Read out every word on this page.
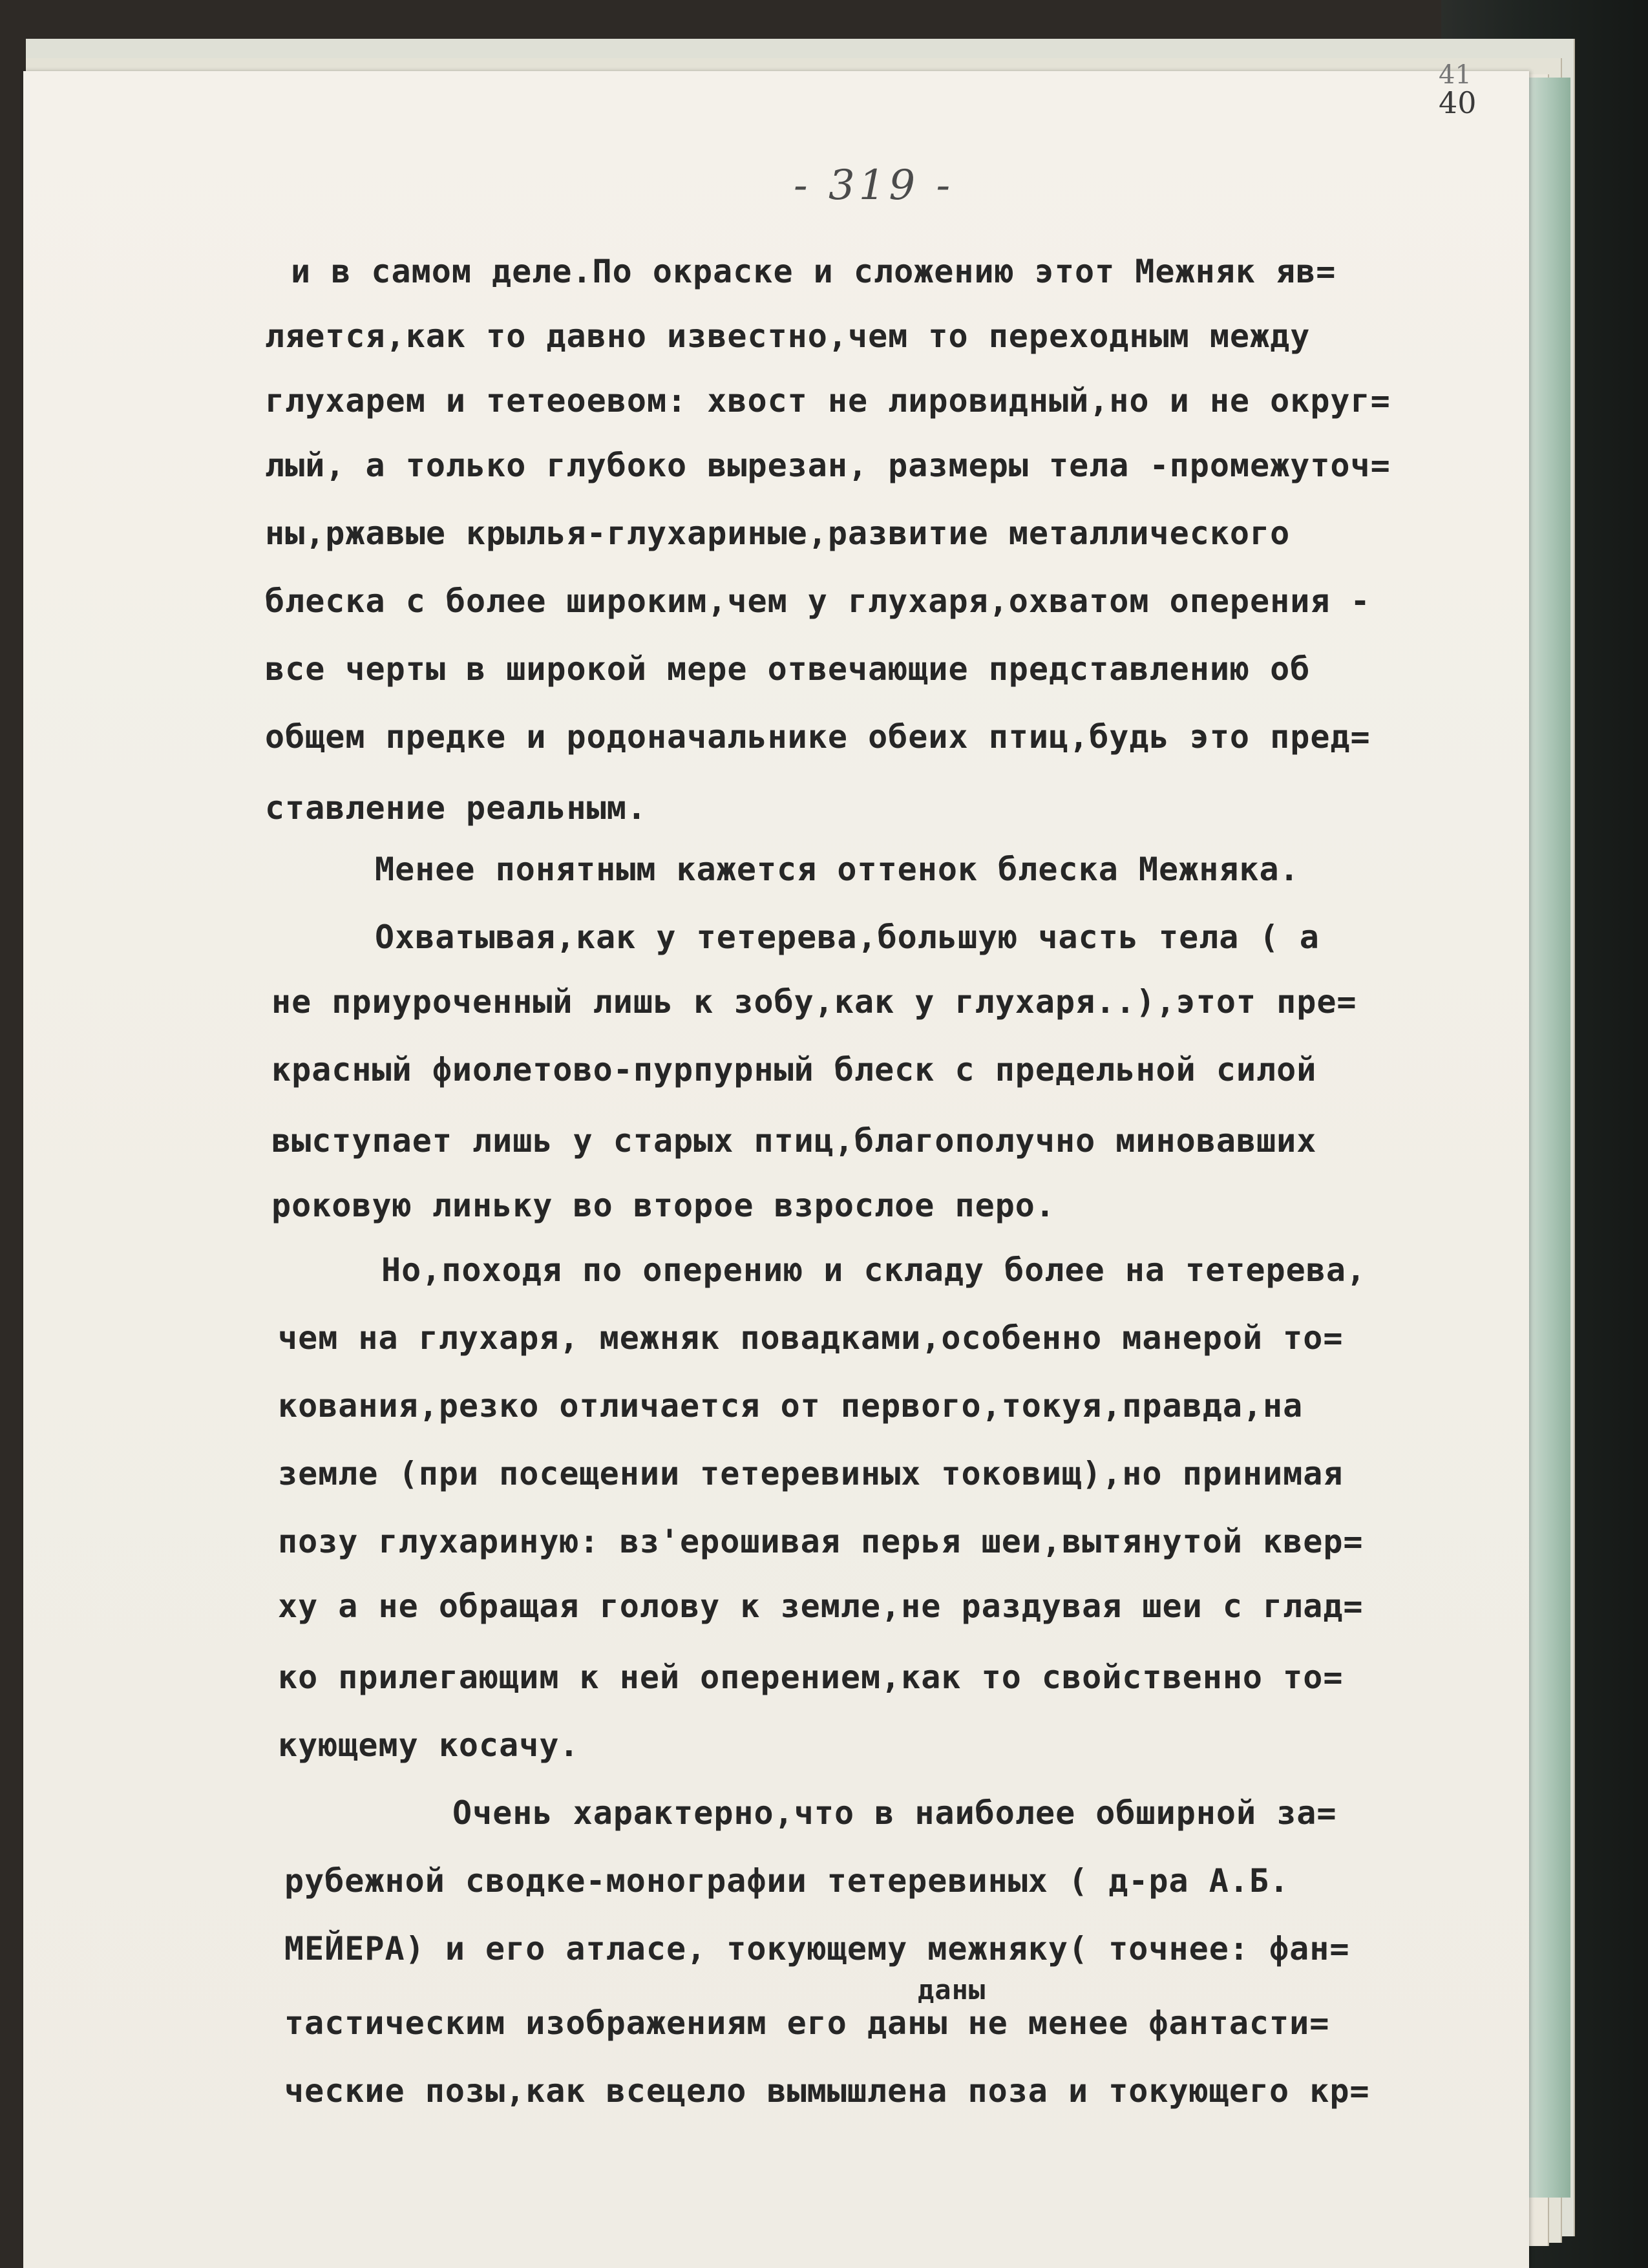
41
40
- 319 -
и в самом деле.По окраске и сложению этот Межняк яв=
ляется,как то давно известно,чем то переходным между
глухарем и тетеоевом: хвост не лировидный,но и не округ=
лый, а только глубоко вырезан, размеры тела -промежуточ=
ны,ржавые крылья-глухариные,развитие металлического
блеска с более широким,чем у глухаря,охватом оперения -
все черты в широкой мере отвечающие представлению об
общем предке и родоначальнике обеих птиц,будь это пред=
ставление реальным.
Менее понятным кажется оттенок блеска Межняка.
Охватывая,как у тетерева,большую часть тела ( а
не приуроченный лишь к зобу,как у глухаря..),этот пре=
красный фиолетово-пурпурный блеск с предельной силой
выступает лишь у старых птиц,благополучно миновавших
роковую линьку во второе взрослое перо.
Но,походя по оперению и складу более на тетерева,
чем на глухаря, межняк повадками,особенно манерой то=
кования,резко отличается от первого,токуя,правда,на
земле (при посещении тетеревиных токовищ),но принимая
позу глухариную: вз'ерошивая перья шеи,вытянутой квер=
ху а не обращая голову к земле,не раздувая шеи с глад=
ко прилегающим к ней оперением,как то свойственно то=
кующему косачу.
Очень характерно,что в наиболее обширной за=
рубежной сводке-монографии тетеревиных ( д-ра А.Б.
МЕЙЕРА) и его атласе, токующему межняку( точнее: фан=
даны
тастическим изображениям его даны не менее фантасти=
ческие позы,как всецело вымышлена поза и токующего кр=
